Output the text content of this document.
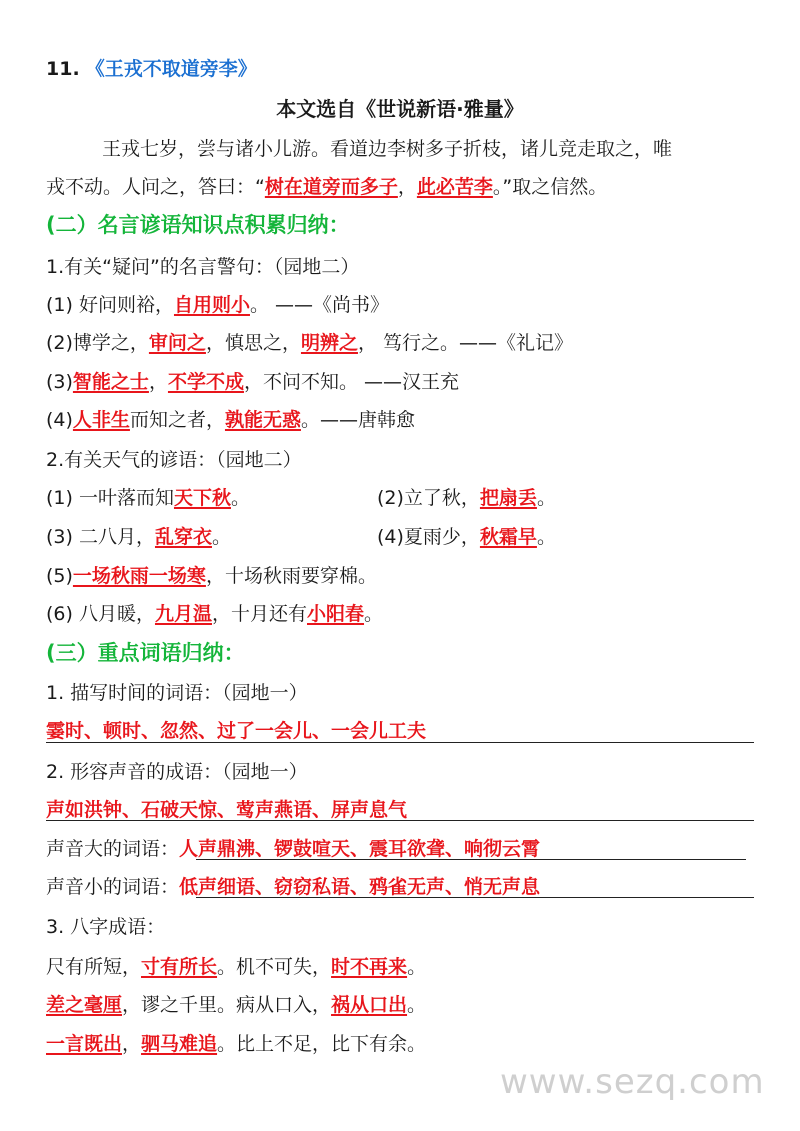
11. 《王戎不取道旁李》
本文选自《世说新语·雅量》
王戎七岁，尝与诸小儿游。看道边李树多子折枝，诸儿竞走取之，唯
戎不动。人问之，答曰：“树在道旁而多子，此必苦李。”取之信然。
(二）名言谚语知识点积累归纳：
1.有关“疑问”的名言警句：（园地二）
(1) 好问则裕，自用则小。 ——《尚书》
(2)博学之，审问之，慎思之，明辨之， 笃行之。——《礼记》
(3)智能之士，不学不成，不问不知。 ——汉王充
(4)人非生而知之者，孰能无惑。——唐韩愈
2.有关天气的谚语：（园地二）
(1) 一叶落而知天下秋。	(2)立了秋，把扇丢。
(3) 二八月，乱穿衣。	(4)夏雨少，秋霜早。
(5)一场秋雨一场寒，十场秋雨要穿棉。
(6) 八月暖，九月温，十月还有小阳春。
(三）重点词语归纳：
1. 描写时间的词语：（园地一）
霎时、顿时、忽然、过了一会儿、一会儿工夫
2. 形容声音的成语：（园地一）
声如洪钟、石破天惊、莺声燕语、屏声息气
声音大的词语：人声鼎沸、锣鼓喧天、震耳欲聋、响彻云霄
声音小的词语：低声细语、窃窃私语、鸦雀无声、悄无声息
3. 八字成语：
尺有所短，寸有所长。机不可失，时不再来。
差之毫厘，谬之千里。病从口入，祸从口出。
一言既出，驷马难追。比上不足，比下有余。
www.sezq.com
